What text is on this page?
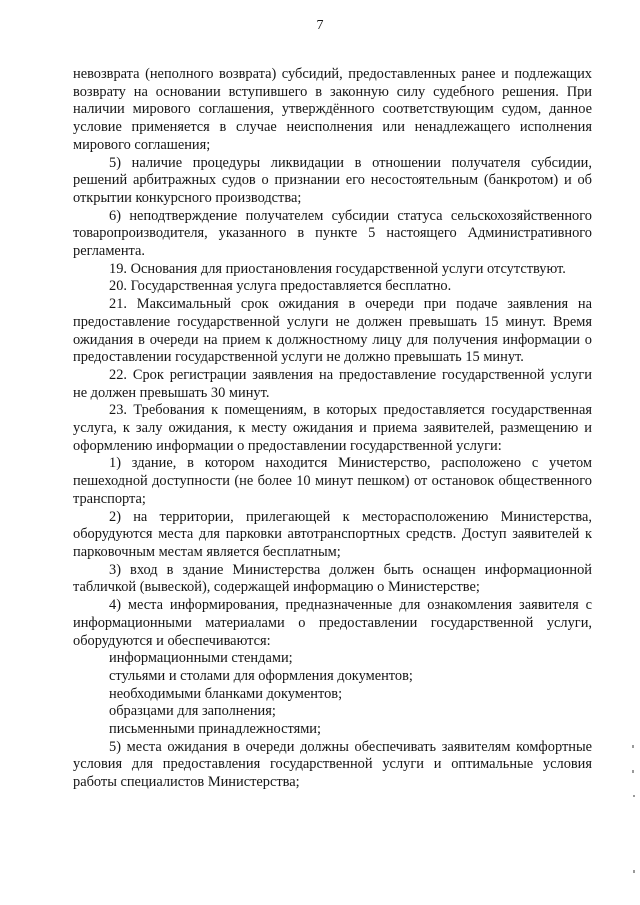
7

невозврата (неполного возврата) субсидий, предоставленных ранее и подлежащих возврату на основании вступившего в законную силу судебного решения. При наличии мирового соглашения, утверждённого соответствующим судом, данное условие применяется в случае неисполнения или ненадлежащего исполнения мирового соглашения;

5) наличие процедуры ликвидации в отношении получателя субсидии, решений арбитражных судов о признании его несостоятельным (банкротом) и об открытии конкурсного производства;

6) неподтверждение получателем субсидии статуса сельскохозяйственного товаропроизводителя, указанного в пункте 5 настоящего Административного регламента.

19. Основания для приостановления государственной услуги отсутствуют.

20. Государственная услуга предоставляется бесплатно.

21. Максимальный срок ожидания в очереди при подаче заявления на предоставление государственной услуги не должен превышать 15 минут. Время ожидания в очереди на прием к должностному лицу для получения информации о предоставлении государственной услуги не должно превышать 15 минут.

22. Срок регистрации заявления на предоставление государственной услуги не должен превышать 30 минут.

23. Требования к помещениям, в которых предоставляется государственная услуга, к залу ожидания, к месту ожидания и приема заявителей, размещению и оформлению информации о предоставлении государственной услуги:

1) здание, в котором находится Министерство, расположено с учетом пешеходной доступности (не более 10 минут пешком) от остановок общественного транспорта;

2) на территории, прилегающей к месторасположению Министерства, оборудуются места для парковки автотранспортных средств. Доступ заявителей к парковочным местам является бесплатным;

3) вход в здание Министерства должен быть оснащен информационной табличкой (вывеской), содержащей информацию о Министерстве;

4) места информирования, предназначенные для ознакомления заявителя с информационными материалами о предоставлении государственной услуги, оборудуются и обеспечиваются:

информационными стендами;

стульями и столами для оформления документов;

необходимыми бланками документов;

образцами для заполнения;

письменными принадлежностями;

5) места ожидания в очереди должны обеспечивать заявителям комфортные условия для предоставления государственной услуги и оптимальные условия работы специалистов Министерства;
